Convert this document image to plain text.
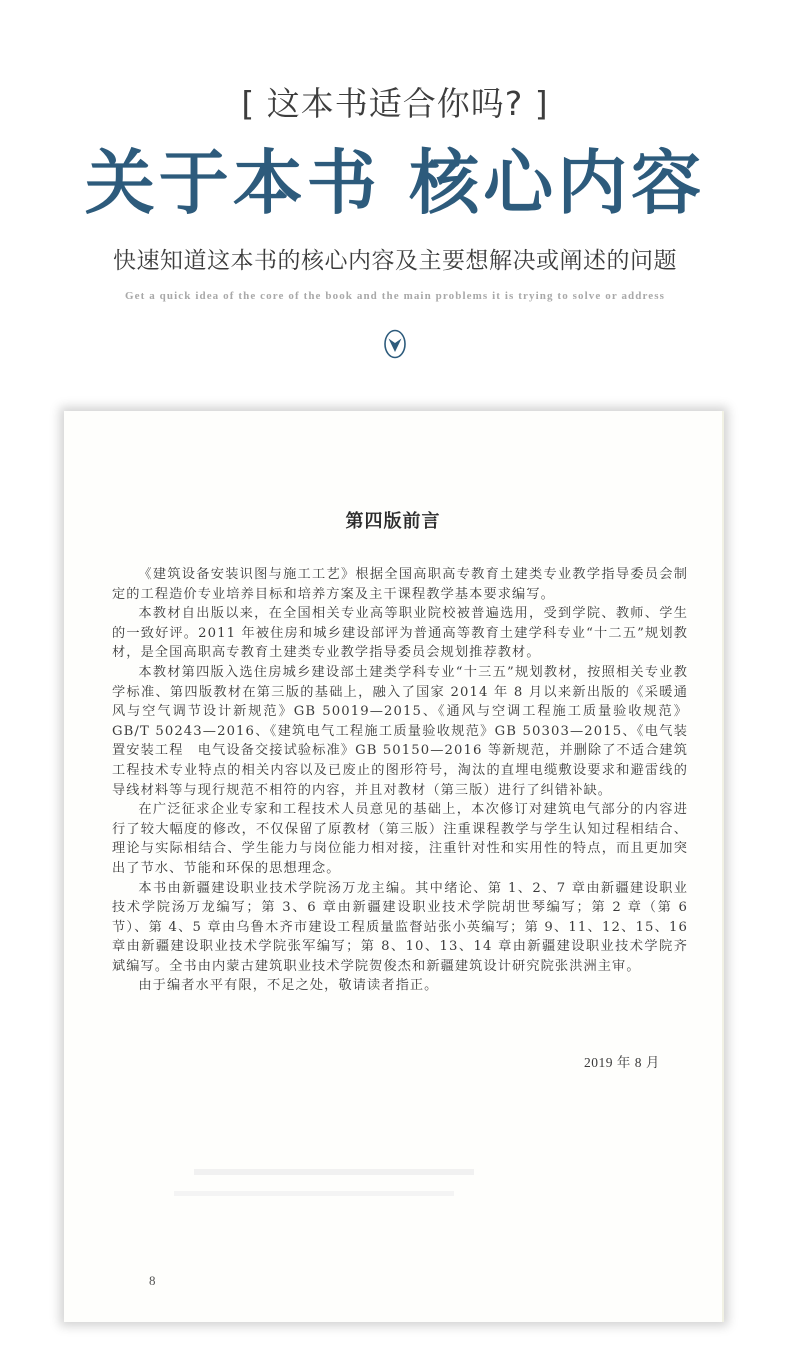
[ 这本书适合你吗? ]
关于本书 核心内容
快速知道这本书的核心内容及主要想解决或阐述的问题
Get a quick idea of the core of the book and the main problems it is trying to solve or address
第四版前言

《建筑设备安装识图与施工工艺》根据全国高职高专教育土建类专业教学指导委员会制定的工程造价专业培养目标和培养方案及主干课程教学基本要求编写。

本教材自出版以来，在全国相关专业高等职业院校被普遍选用，受到学院、教师、学生的一致好评。2011 年被住房和城乡建设部评为普通高等教育土建学科专业“十二五”规划教材，是全国高职高专教育土建类专业教学指导委员会规划推荐教材。

本教材第四版入选住房城乡建设部土建类学科专业“十三五”规划教材，按照相关专业教学标准、第四版教材在第三版的基础上，融入了国家 2014 年 8 月以来新出版的《采暖通风与空气调节设计新规范》GB 50019—2015、《通风与空调工程施工质量验收规范》GB/T 50243—2016、《建筑电气工程施工质量验收规范》GB 50303—2015、《电气装置安装工程　电气设备交接试验标准》GB 50150—2016 等新规范，并删除了不适合建筑工程技术专业特点的相关内容以及已废止的图形符号，淘汰的直埋电缆敷设要求和避雷线的导线材料等与现行规范不相符的内容，并且对教材（第三版）进行了纠错补缺。

在广泛征求企业专家和工程技术人员意见的基础上，本次修订对建筑电气部分的内容进行了较大幅度的修改，不仅保留了原教材（第三版）注重课程教学与学生认知过程相结合、理论与实际相结合、学生能力与岗位能力相对接，注重针对性和实用性的特点，而且更加突出了节水、节能和环保的思想理念。

本书由新疆建设职业技术学院汤万龙主编。其中绪论、第 1、2、7 章由新疆建设职业技术学院汤万龙编写；第 3、6 章由新疆建设职业技术学院胡世琴编写；第 2 章（第 6 节）、第 4、5 章由乌鲁木齐市建设工程质量监督站张小英编写；第 9、11、12、15、16 章由新疆建设职业技术学院张军编写；第 8、10、13、14 章由新疆建设职业技术学院齐斌编写。全书由内蒙古建筑职业技术学院贺俊杰和新疆建筑设计研究院张洪洲主审。

由于编者水平有限，不足之处，敬请读者指正。

2019 年 8 月
8
